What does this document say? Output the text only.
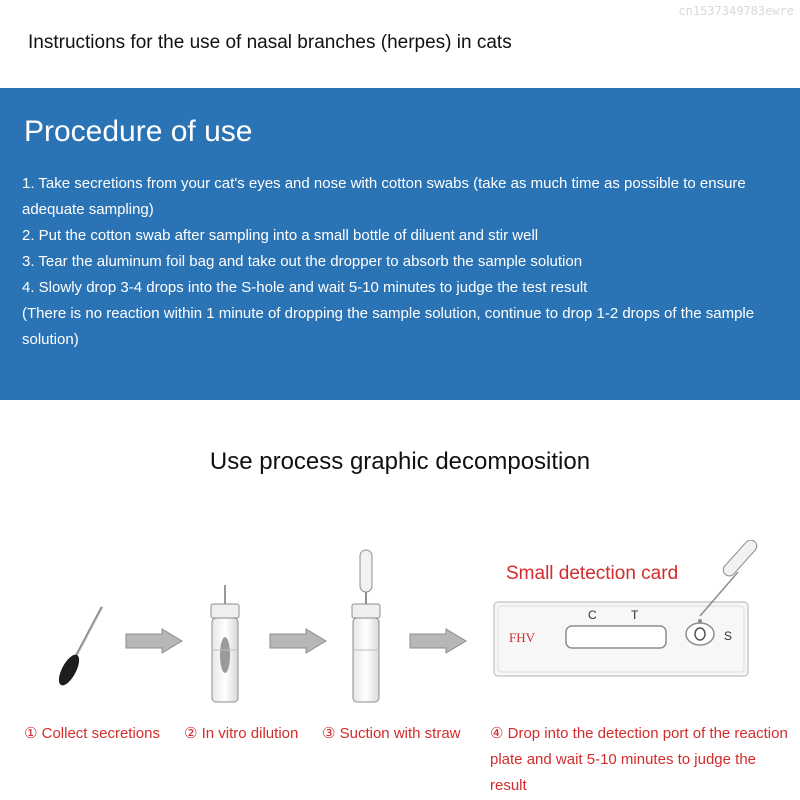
cn1537349783ewre
Instructions for the use of nasal branches (herpes) in cats
Procedure of use
1. Take secretions from your cat's eyes and nose with cotton swabs (take as much time as possible to ensure adequate sampling)
2. Put the cotton swab after sampling into a small bottle of diluent and stir well
3. Tear the aluminum foil bag and take out the dropper to absorb the sample solution
4. Slowly drop 3-4 drops into the S-hole and wait 5-10 minutes to judge the test result
(There is no reaction within 1 minute of dropping the sample solution, continue to drop 1-2 drops of the sample solution)
Use process graphic decomposition
Small detection card
FHV
C	T
S
① Collect secretions ② In vitro dilution ③ Suction with straw ④ Drop into the detection port of the reaction plate and wait 5-10 minutes to judge the result
